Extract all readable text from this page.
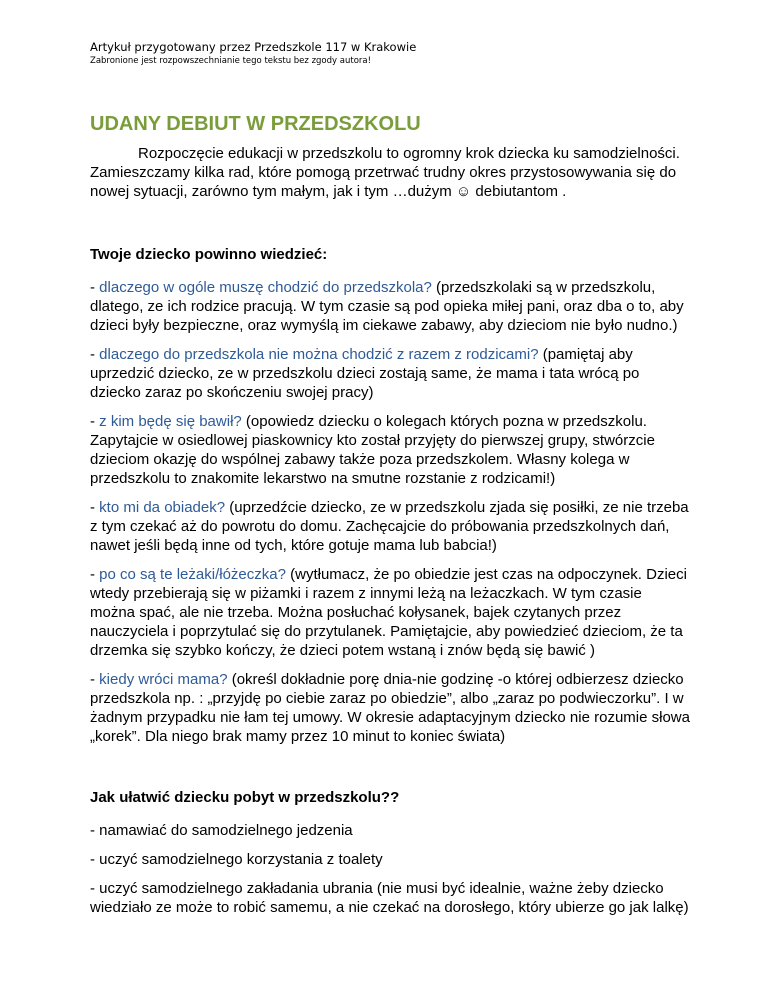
Artykuł przygotowany przez Przedszkole 117 w Krakowie

Zabronione jest rozpowszechnianie tego tekstu bez zgody autora!

UDANY DEBIUT W PRZEDSZKOLU

Rozpoczęcie edukacji w przedszkolu to ogromny krok dziecka ku samodzielności. Zamieszczamy kilka rad, które pomogą przetrwać trudny okres przystosowywania się do nowej sytuacji, zarówno tym małym, jak i tym …dużym ☺ debiutantom .

Twoje dziecko powinno wiedzieć:

- dlaczego w ogóle muszę chodzić do przedszkola? (przedszkolaki są w przedszkolu, dlatego, ze ich rodzice pracują. W tym czasie są pod opieka miłej pani, oraz dba o to, aby dzieci były bezpieczne, oraz wymyślą im ciekawe zabawy, aby dzieciom nie było nudno.)

- dlaczego do przedszkola nie można chodzić z razem z rodzicami? (pamiętaj aby uprzedzić dziecko, ze w przedszkolu dzieci zostają same, że mama i tata wrócą po dziecko zaraz po skończeniu swojej pracy)

- z kim będę się bawił? (opowiedz dziecku o kolegach których pozna w przedszkolu. Zapytajcie w osiedlowej piaskownicy kto został przyjęty do pierwszej grupy, stwórzcie dzieciom okazję do wspólnej zabawy także poza przedszkolem. Własny kolega w przedszkolu to znakomite lekarstwo na smutne rozstanie z rodzicami!)

- kto mi da obiadek? (uprzedźcie dziecko, ze w przedszkolu zjada się posiłki, ze nie trzeba z tym czekać aż do powrotu do domu. Zachęcajcie do próbowania przedszkolnych dań, nawet jeśli będą inne od tych, które gotuje mama lub babcia!)

- po co są te leżaki/łóżeczka? (wytłumacz, że po obiedzie jest czas na odpoczynek. Dzieci wtedy przebierają się w piżamki i razem z innymi leżą na leżaczkach. W tym czasie można spać, ale nie trzeba. Można posłuchać kołysanek, bajek czytanych przez nauczyciela i poprzytulać się do przytulanek. Pamiętajcie, aby powiedzieć dzieciom, że ta drzemka się szybko kończy, że dzieci potem wstaną i znów będą się bawić )

- kiedy wróci mama? (określ dokładnie porę dnia-nie godzinę -o której odbierzesz dziecko przedszkola np. : „przyjdę po ciebie zaraz po obiedzie”, albo „zaraz po podwieczorku”. I w żadnym przypadku nie łam tej umowy. W okresie adaptacyjnym dziecko nie rozumie słowa „korek”. Dla niego brak mamy przez 10 minut to koniec świata)

Jak ułatwić dziecku pobyt w przedszkolu??

- namawiać do samodzielnego jedzenia

- uczyć samodzielnego korzystania z toalety

- uczyć samodzielnego zakładania ubrania (nie musi być idealnie, ważne żeby dziecko wiedziało ze może to robić samemu, a nie czekać na dorosłego, który ubierze go jak lalkę)
